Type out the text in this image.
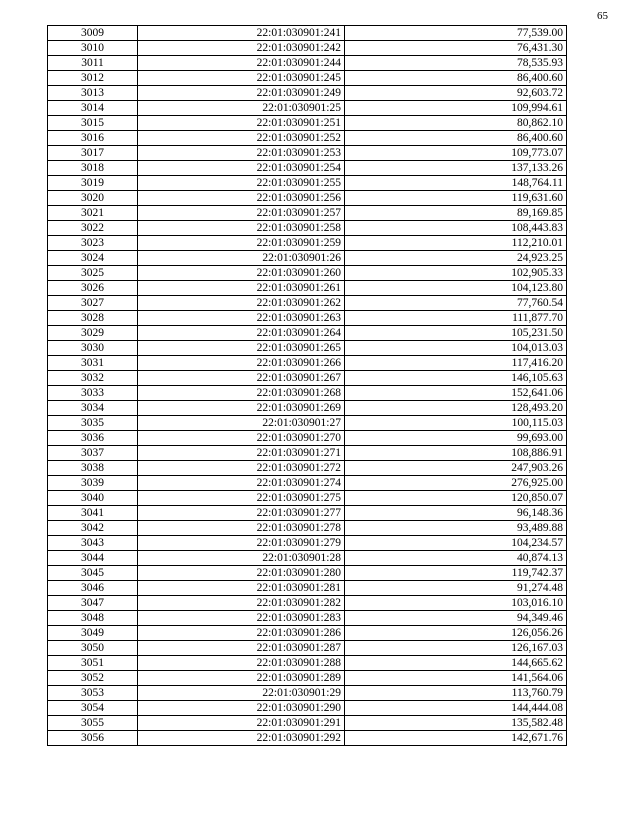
65
3009	22:01:030901:241	77,539.00
3010	22:01:030901:242	76,431.30
3011	22:01:030901:244	78,535.93
3012	22:01:030901:245	86,400.60
3013	22:01:030901:249	92,603.72
3014	22:01:030901:25	109,994.61
3015	22:01:030901:251	80,862.10
3016	22:01:030901:252	86,400.60
3017	22:01:030901:253	109,773.07
3018	22:01:030901:254	137,133.26
3019	22:01:030901:255	148,764.11
3020	22:01:030901:256	119,631.60
3021	22:01:030901:257	89,169.85
3022	22:01:030901:258	108,443.83
3023	22:01:030901:259	112,210.01
3024	22:01:030901:26	24,923.25
3025	22:01:030901:260	102,905.33
3026	22:01:030901:261	104,123.80
3027	22:01:030901:262	77,760.54
3028	22:01:030901:263	111,877.70
3029	22:01:030901:264	105,231.50
3030	22:01:030901:265	104,013.03
3031	22:01:030901:266	117,416.20
3032	22:01:030901:267	146,105.63
3033	22:01:030901:268	152,641.06
3034	22:01:030901:269	128,493.20
3035	22:01:030901:27	100,115.03
3036	22:01:030901:270	99,693.00
3037	22:01:030901:271	108,886.91
3038	22:01:030901:272	247,903.26
3039	22:01:030901:274	276,925.00
3040	22:01:030901:275	120,850.07
3041	22:01:030901:277	96,148.36
3042	22:01:030901:278	93,489.88
3043	22:01:030901:279	104,234.57
3044	22:01:030901:28	40,874.13
3045	22:01:030901:280	119,742.37
3046	22:01:030901:281	91,274.48
3047	22:01:030901:282	103,016.10
3048	22:01:030901:283	94,349.46
3049	22:01:030901:286	126,056.26
3050	22:01:030901:287	126,167.03
3051	22:01:030901:288	144,665.62
3052	22:01:030901:289	141,564.06
3053	22:01:030901:29	113,760.79
3054	22:01:030901:290	144,444.08
3055	22:01:030901:291	135,582.48
3056	22:01:030901:292	142,671.76
